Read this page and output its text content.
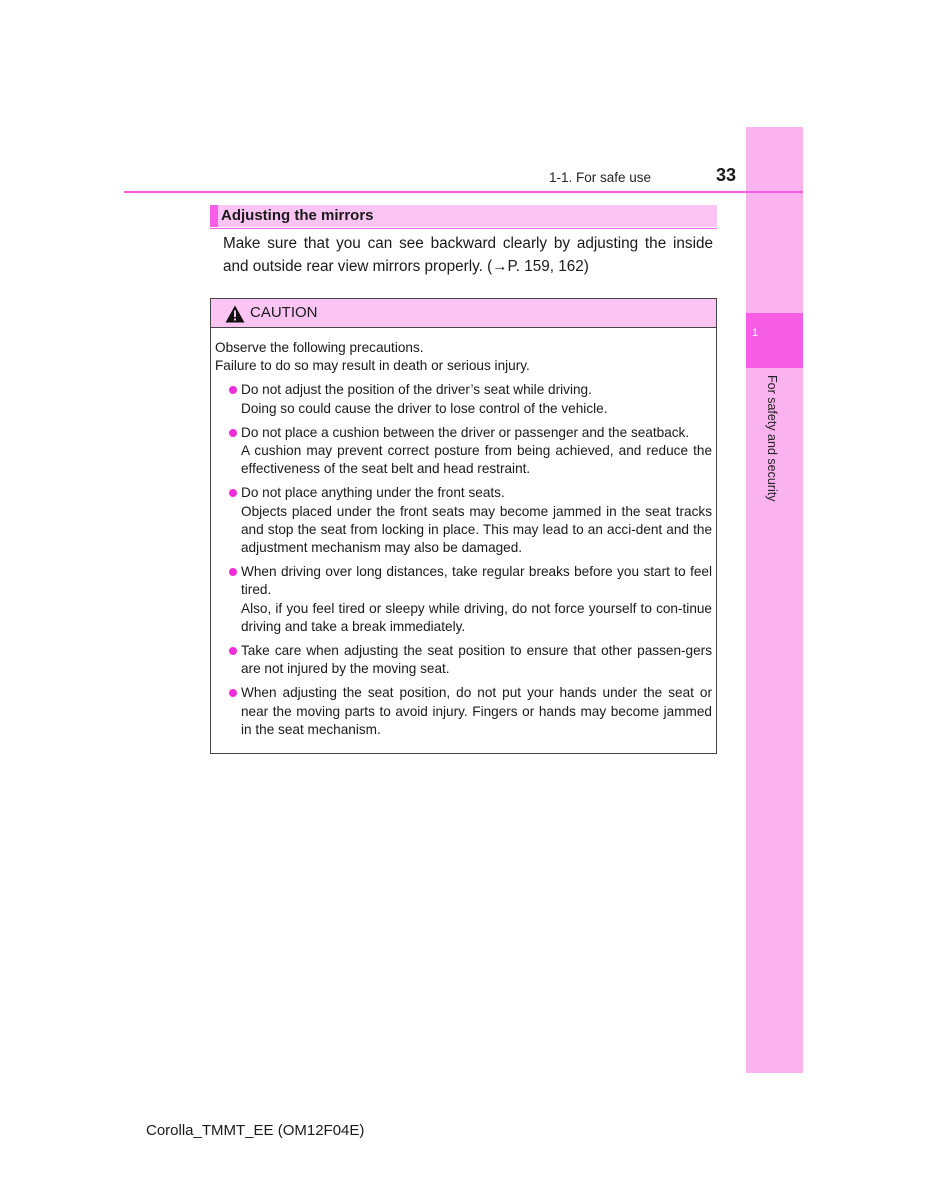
1
For safety and security
1-1. For safe use	33
Adjusting the mirrors
Make sure that you can see backward clearly by adjusting the inside and outside rear view mirrors properly. (→P. 159, 162)
CAUTION

Observe the following precautions.

Failure to do so may result in death or serious injury.

Do not adjust the position of the driver’s seat while driving.
Doing so could cause the driver to lose control of the vehicle.
Do not place a cushion between the driver or passenger and the seatback.
A cushion may prevent correct posture from being achieved, and reduce the effectiveness of the seat belt and head restraint.
Do not place anything under the front seats.
Objects placed under the front seats may become jammed in the seat tracks and stop the seat from locking in place. This may lead to an acci-dent and the adjustment mechanism may also be damaged.
When driving over long distances, take regular breaks before you start to feel tired.
Also, if you feel tired or sleepy while driving, do not force yourself to con-tinue driving and take a break immediately.
Take care when adjusting the seat position to ensure that other passen-gers are not injured by the moving seat.
When adjusting the seat position, do not put your hands under the seat or near the moving parts to avoid injury. Fingers or hands may become jammed in the seat mechanism.
Corolla_TMMT_EE (OM12F04E)
